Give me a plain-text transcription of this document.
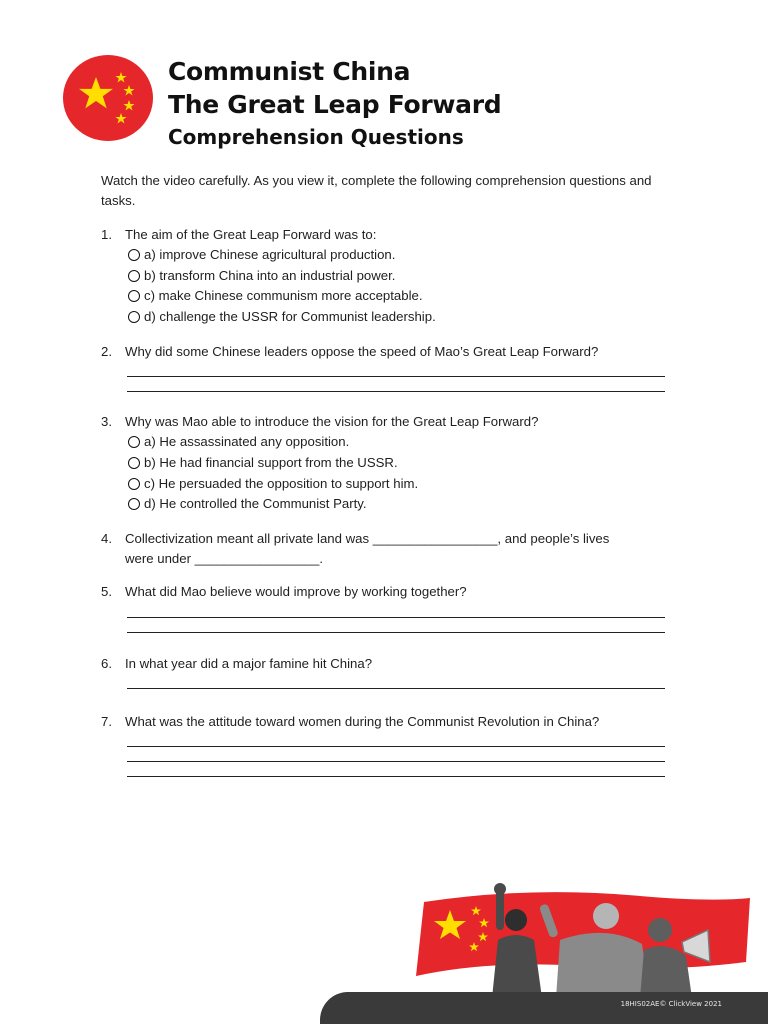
Communist China
The Great Leap Forward
Comprehension Questions
Watch the video carefully. As you view it, complete the following comprehension questions and tasks.
1. The aim of the Great Leap Forward was to:
a) improve Chinese agricultural production.
b) transform China into an industrial power.
c) make Chinese communism more acceptable.
d) challenge the USSR for Communist leadership.
2. Why did some Chinese leaders oppose the speed of Mao’s Great Leap Forward?
3. Why was Mao able to introduce the vision for the Great Leap Forward?
a) He assassinated any opposition.
b) He had financial support from the USSR.
c) He persuaded the opposition to support him.
d) He controlled the Communist Party.
4. Collectivization meant all private land was _________________, and people’s lives
were under _________________.
5. What did Mao believe would improve by working together?
6. In what year did a major famine hit China?
7. What was the attitude toward women during the Communist Revolution in China?
18HIS02AE© ClickView 2021
